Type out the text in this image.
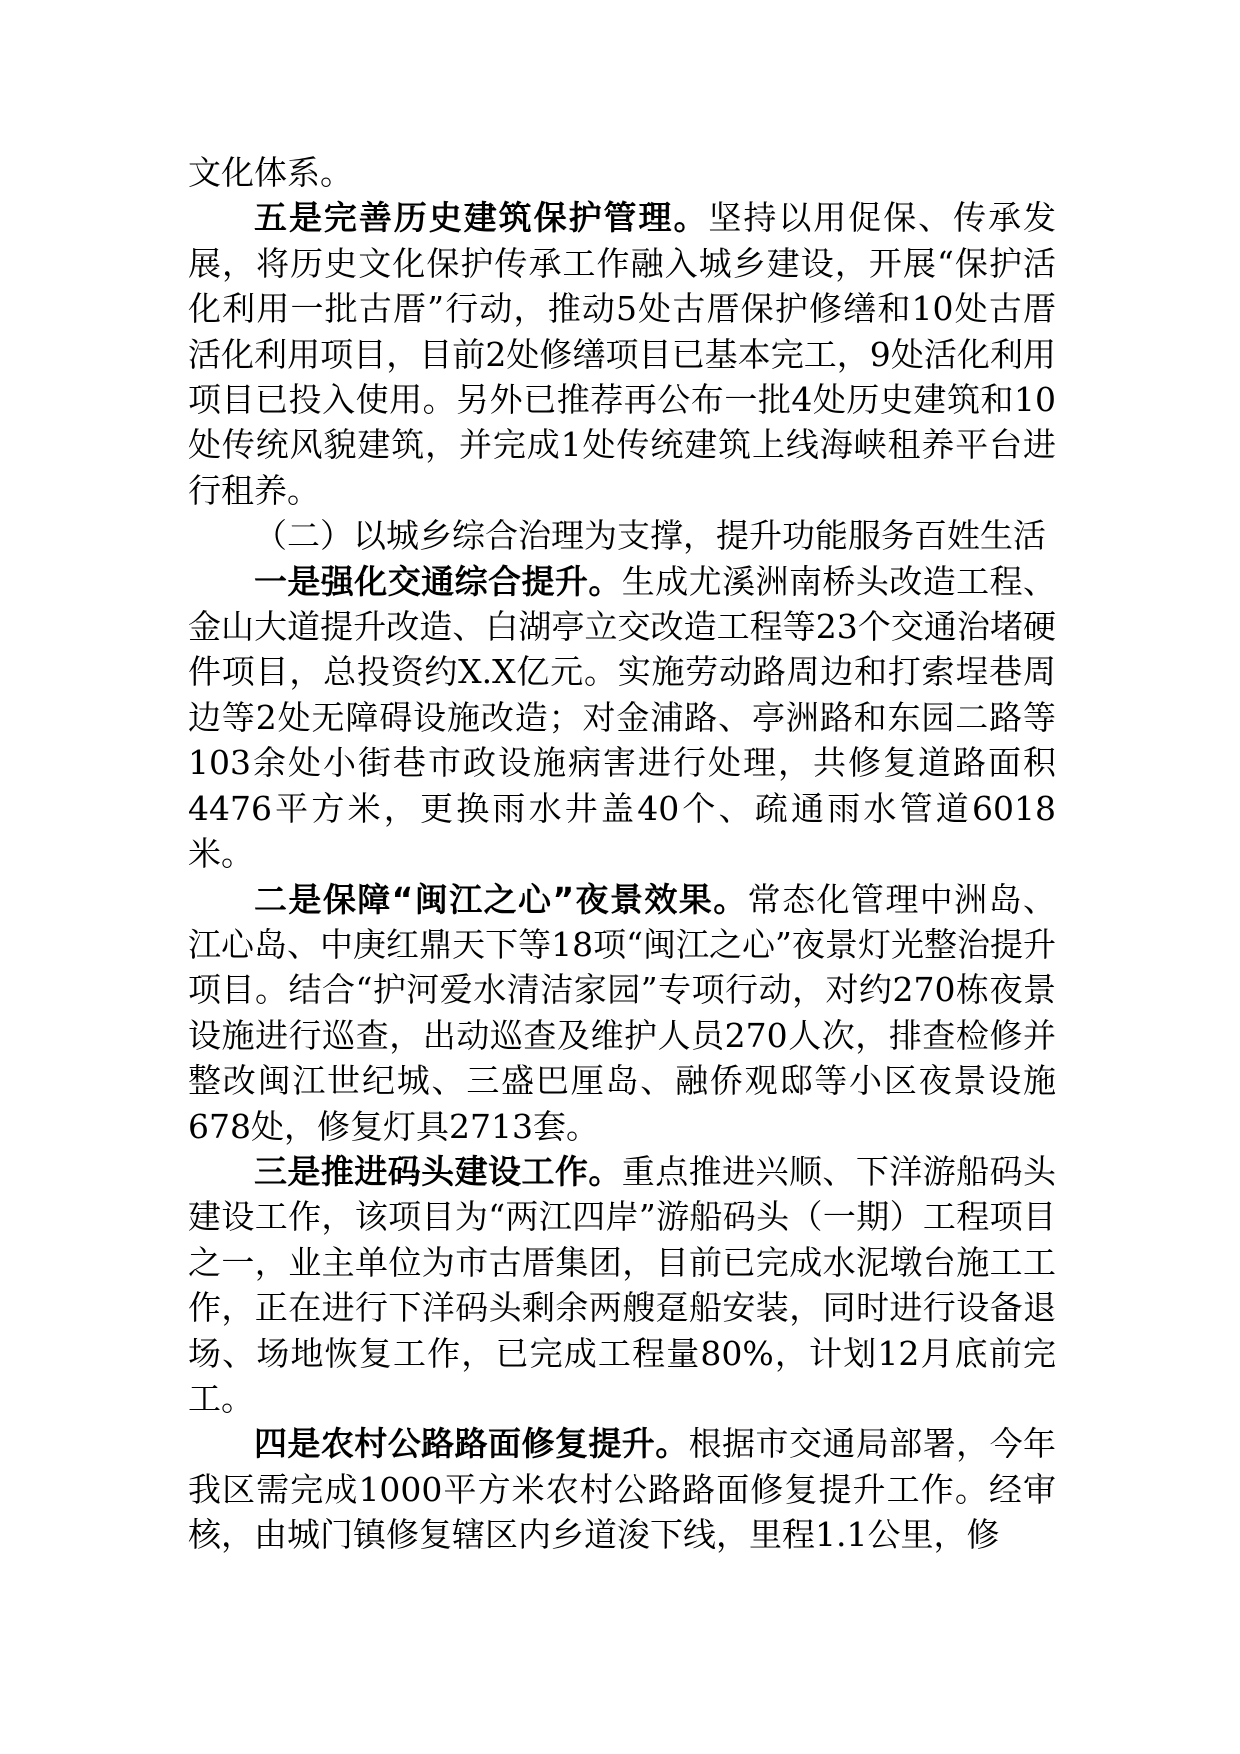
文化体系。

五是完善历史建筑保护管理。坚持以用促保、传承发展，将历史文化保护传承工作融入城乡建设，开展“保护活化利用一批古厝”行动，推动5处古厝保护修缮和10处古厝活化利用项目，目前2处修缮项目已基本完工，9处活化利用项目已投入使用。另外已推荐再公布一批4处历史建筑和10处传统风貌建筑，并完成1处传统建筑上线海峡租养平台进行租养。

（二）以城乡综合治理为支撑，提升功能服务百姓生活

一是强化交通综合提升。生成尤溪洲南桥头改造工程、金山大道提升改造、白湖亭立交改造工程等23个交通治堵硬件项目，总投资约X.X亿元。实施劳动路周边和打索埕巷周边等2处无障碍设施改造；对金浦路、亭洲路和东园二路等103余处小街巷市政设施病害进行处理，共修复道路面积4476平方米，更换雨水井盖40个、疏通雨水管道6018米。

二是保障“闽江之心”夜景效果。常态化管理中洲岛、江心岛、中庚红鼎天下等18项“闽江之心”夜景灯光整治提升项目。结合“护河爱水清洁家园”专项行动，对约270栋夜景设施进行巡查，出动巡查及维护人员270人次，排查检修并整改闽江世纪城、三盛巴厘岛、融侨观邸等小区夜景设施678处，修复灯具2713套。

三是推进码头建设工作。重点推进兴顺、下洋游船码头建设工作，该项目为“两江四岸”游船码头（一期）工程项目之一，业主单位为市古厝集团，目前已完成水泥墩台施工工作，正在进行下洋码头剩余两艘趸船安装，同时进行设备退场、场地恢复工作，已完成工程量80%，计划12月底前完工。

四是农村公路路面修复提升。根据市交通局部署，今年我区需完成1000平方米农村公路路面修复提升工作。经审核，由城门镇修复辖区内乡道浚下线，里程1.1公里，修
